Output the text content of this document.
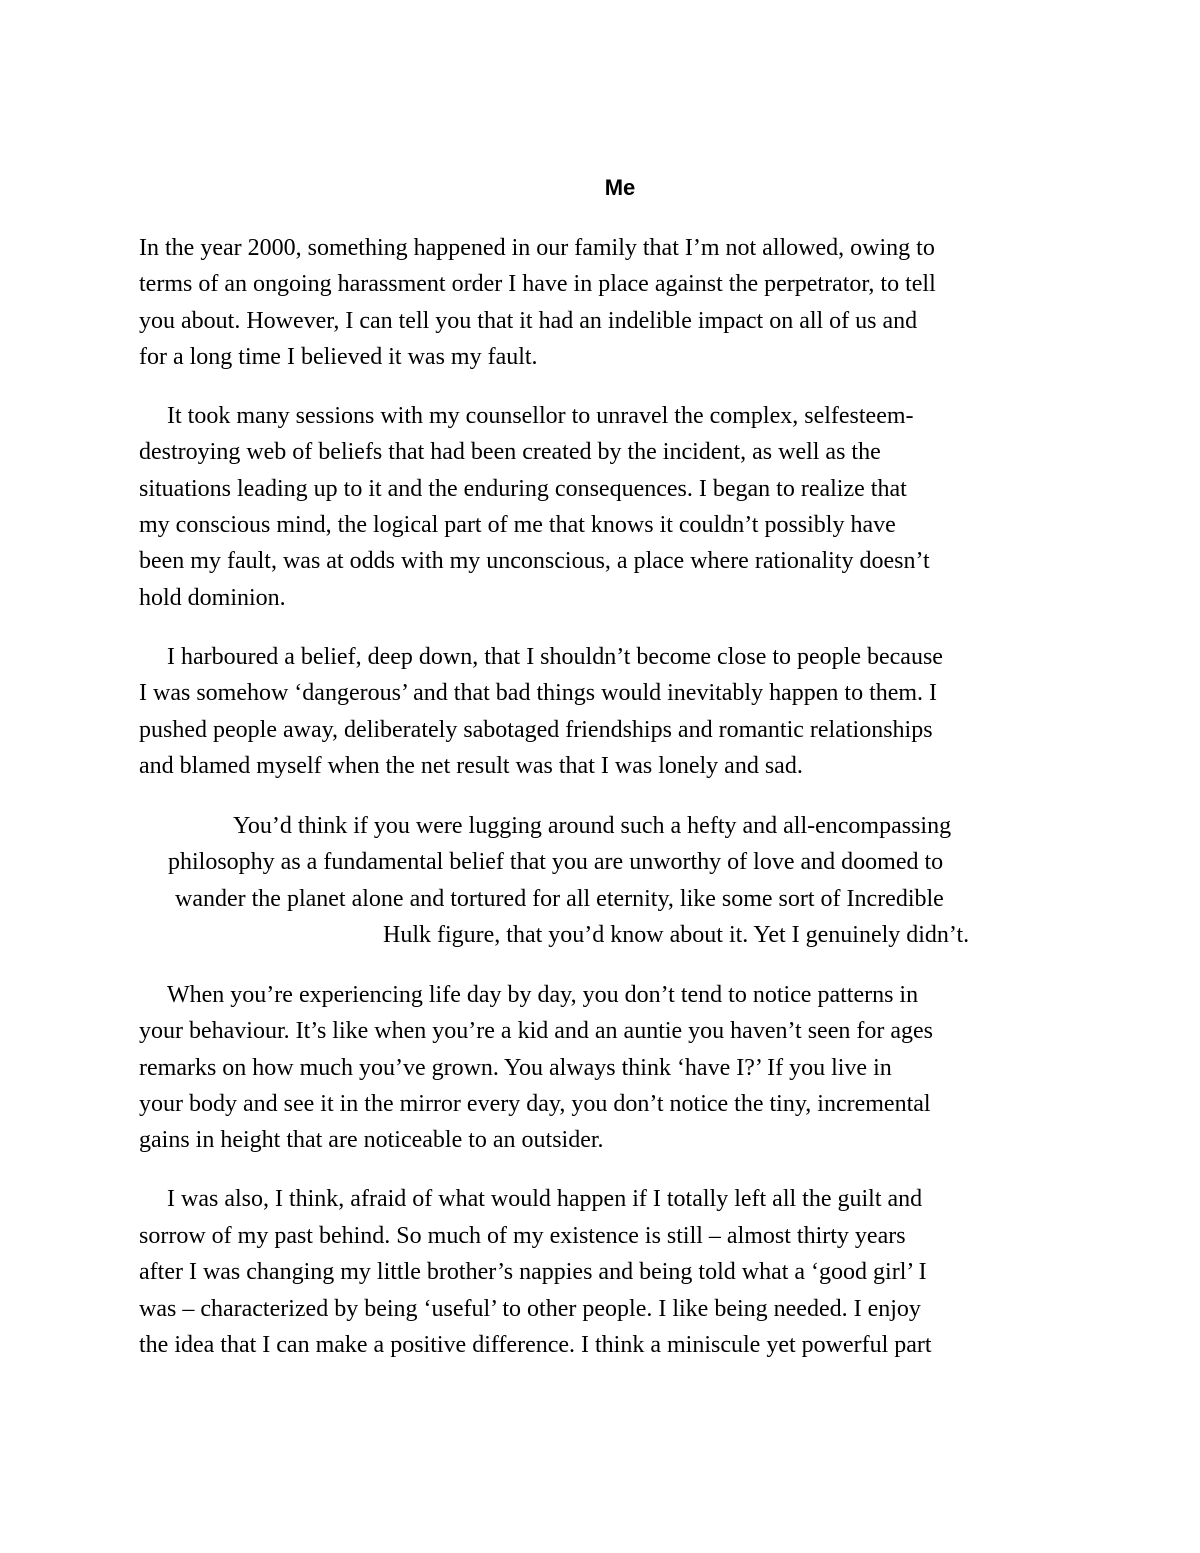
Me
In the year 2000, something happened in our family that I’m not allowed, owing to
terms of an ongoing harassment order I have in place against the perpetrator, to tell
you about. However, I can tell you that it had an indelible impact on all of us and
for a long time I believed it was my fault.
It took many sessions with my counsellor to unravel the complex, selfesteem-
destroying web of beliefs that had been created by the incident, as well as the
situations leading up to it and the enduring consequences. I began to realize that
my conscious mind, the logical part of me that knows it couldn’t possibly have
been my fault, was at odds with my unconscious, a place where rationality doesn’t
hold dominion.
I harboured a belief, deep down, that I shouldn’t become close to people because
I was somehow ‘dangerous’ and that bad things would inevitably happen to them. I
pushed people away, deliberately sabotaged friendships and romantic relationships
and blamed myself when the net result was that I was lonely and sad.
You’d think if you were lugging around such a hefty and all-encompassing
philosophy as a fundamental belief that you are unworthy of love and doomed to
wander the planet alone and tortured for all eternity, like some sort of Incredible
Hulk figure, that you’d know about it. Yet I genuinely didn’t.
When you’re experiencing life day by day, you don’t tend to notice patterns in
your behaviour. It’s like when you’re a kid and an auntie you haven’t seen for ages
remarks on how much you’ve grown. You always think ‘have I?’ If you live in
your body and see it in the mirror every day, you don’t notice the tiny, incremental
gains in height that are noticeable to an outsider.
I was also, I think, afraid of what would happen if I totally left all the guilt and
sorrow of my past behind. So much of my existence is still – almost thirty years
after I was changing my little brother’s nappies and being told what a ‘good girl’ I
was – characterized by being ‘useful’ to other people. I like being needed. I enjoy
the idea that I can make a positive difference. I think a miniscule yet powerful part
